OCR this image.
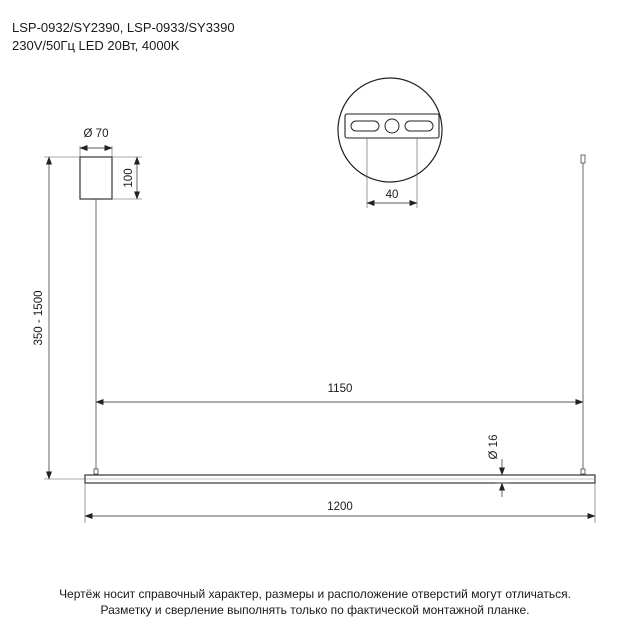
LSP-0932/SY2390, LSP-0933/SY3390
230V/50Гц LED 20Вт, 4000K
40
Ø 70
100
350 - 1500
1150
Ø 16
1200
Чертёж носит справочный характер, размеры и расположение отверстий могут отличаться.
Разметку и сверление выполнять только по фактической монтажной планке.
